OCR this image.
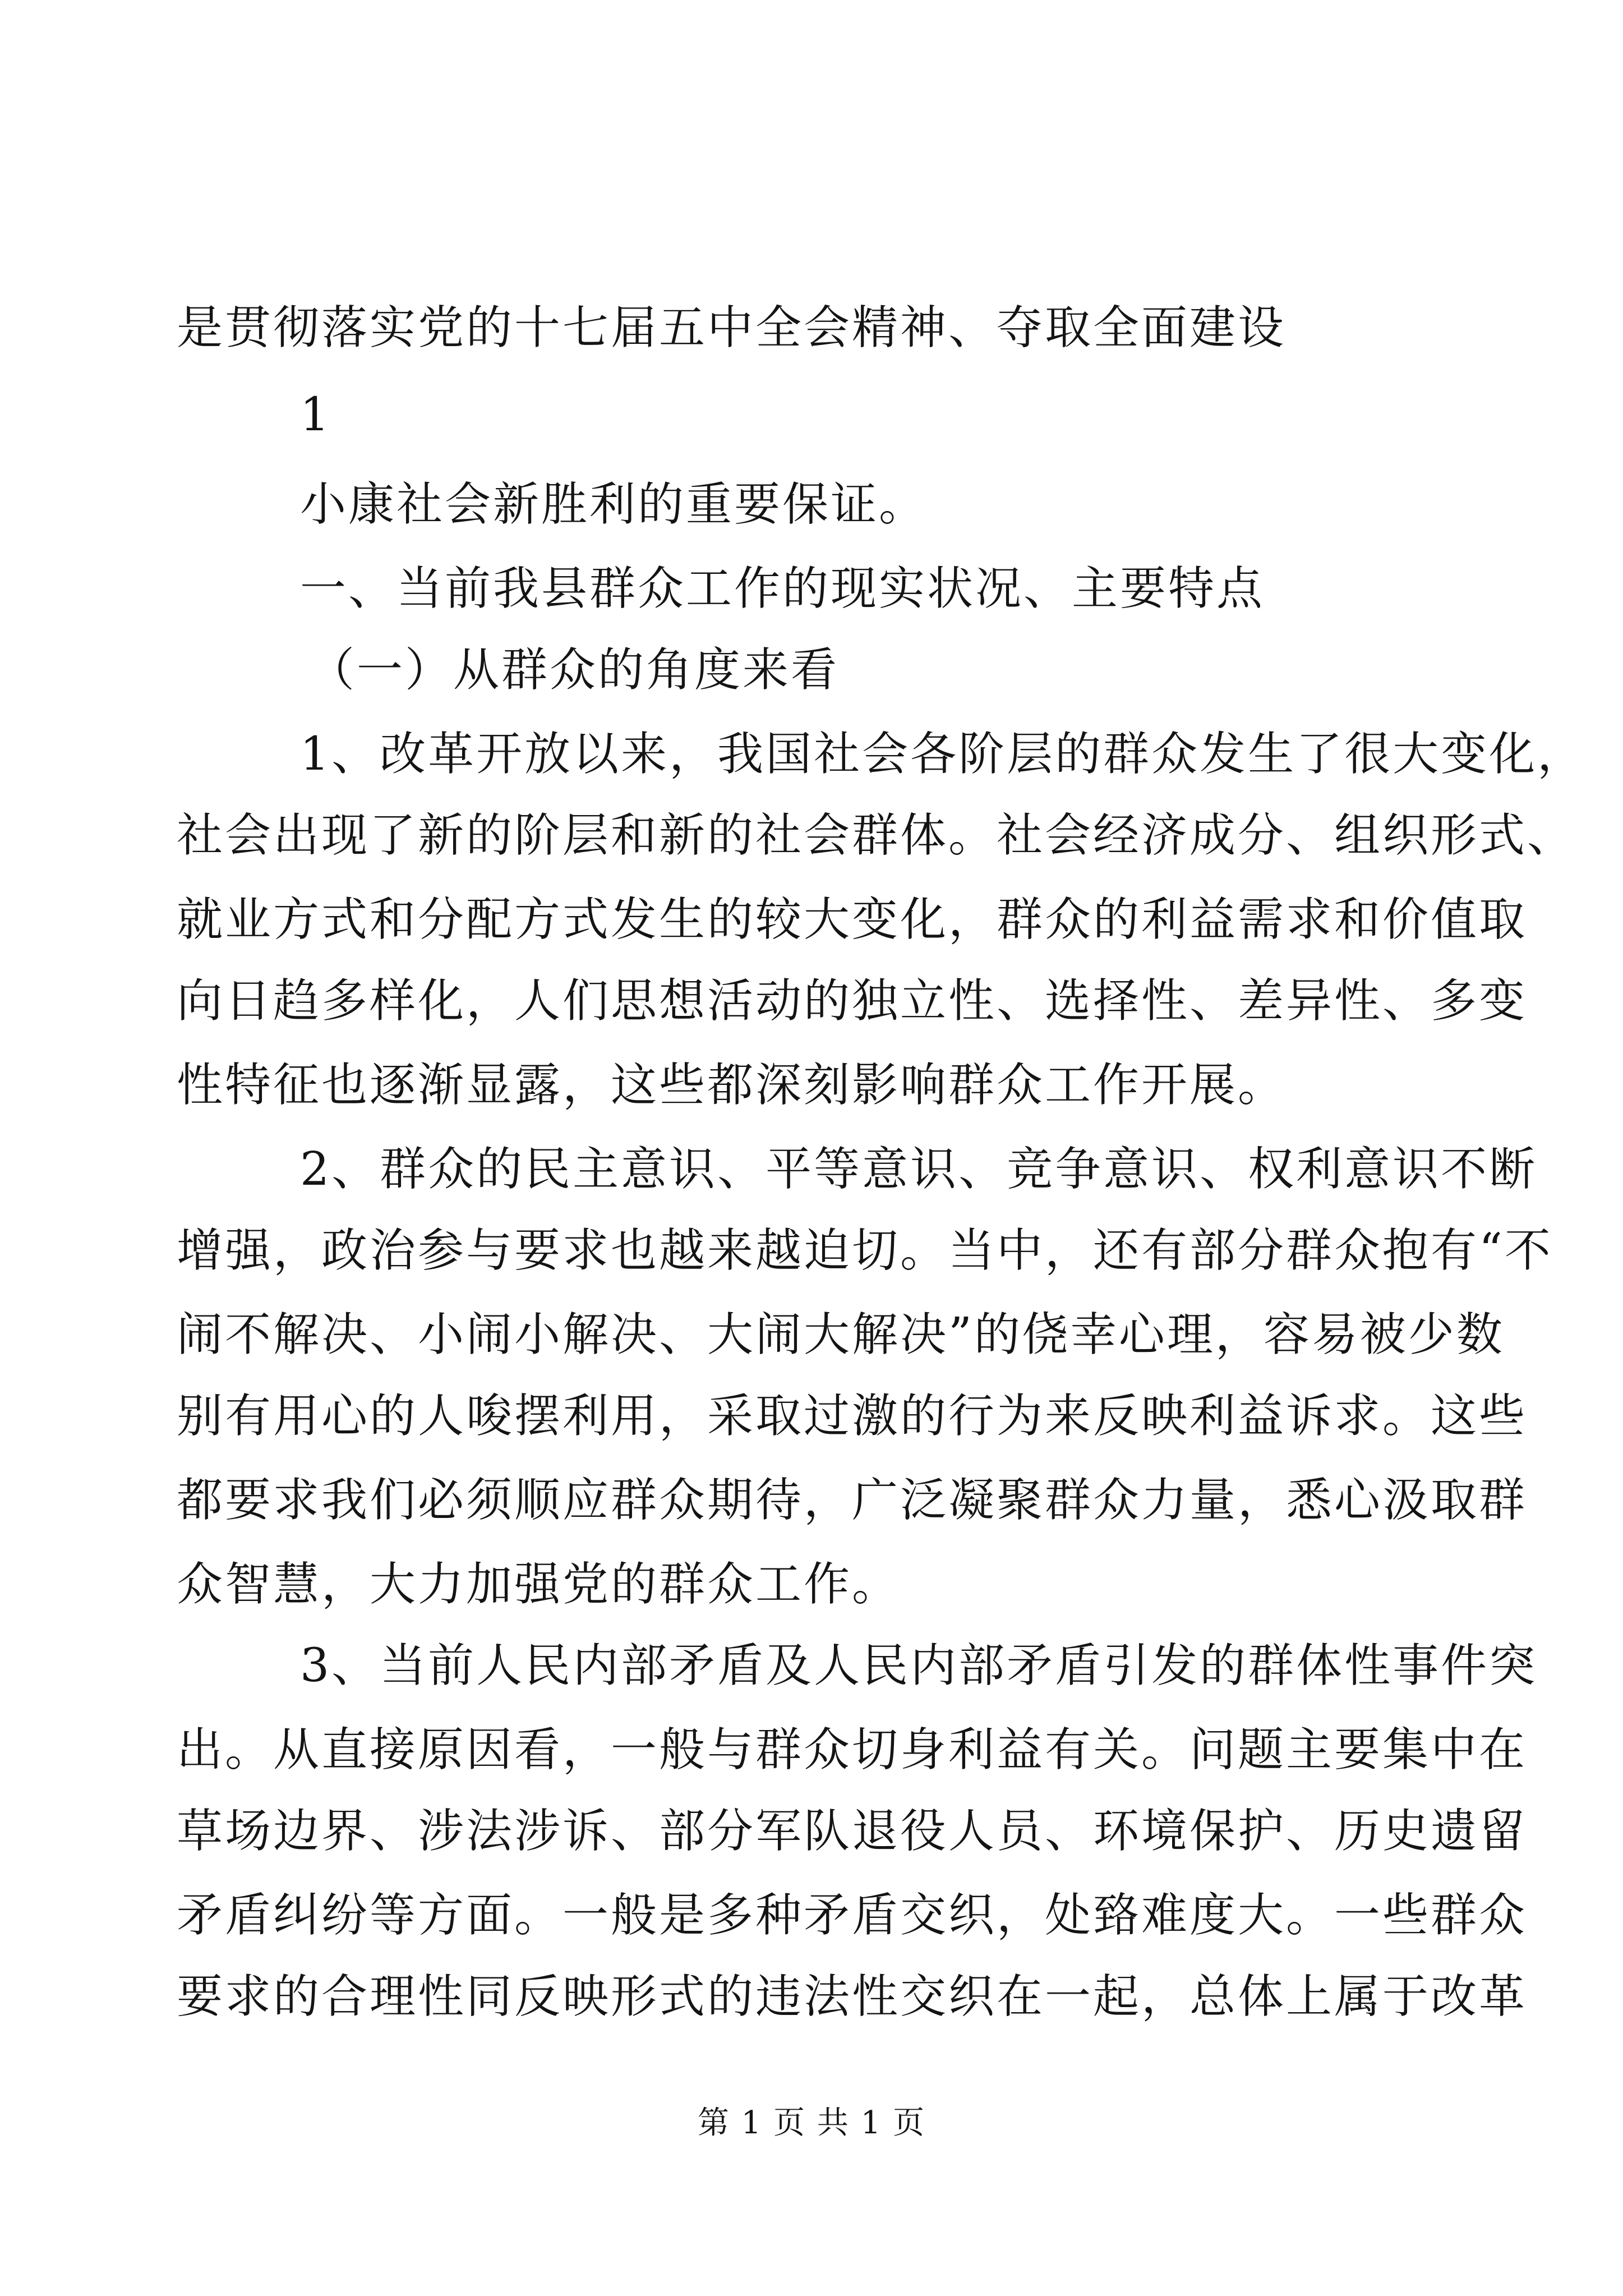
是贯彻落实党的十七届五中全会精神、夺取全面建设
1
小康社会新胜利的重要保证。
一、当前我县群众工作的现实状况、主要特点
（一）从群众的角度来看
1、改革开放以来，我国社会各阶层的群众发生了很大变化，
社会出现了新的阶层和新的社会群体。社会经济成分、组织形式、
就业方式和分配方式发生的较大变化，群众的利益需求和价值取
向日趋多样化，人们思想活动的独立性、选择性、差异性、多变
性特征也逐渐显露，这些都深刻影响群众工作开展。
2、群众的民主意识、平等意识、竞争意识、权利意识不断
增强，政治参与要求也越来越迫切。当中，还有部分群众抱有“不
闹不解决、小闹小解决、大闹大解决”的侥幸心理，容易被少数
别有用心的人唆摆利用，采取过激的行为来反映利益诉求。这些
都要求我们必须顺应群众期待，广泛凝聚群众力量，悉心汲取群
众智慧，大力加强党的群众工作。
3、当前人民内部矛盾及人民内部矛盾引发的群体性事件突
出。从直接原因看，一般与群众切身利益有关。问题主要集中在
草场边界、涉法涉诉、部分军队退役人员、环境保护、历史遗留
矛盾纠纷等方面。一般是多种矛盾交织，处臵难度大。一些群众
要求的合理性同反映形式的违法性交织在一起，总体上属于改革
第 1 页 共 1 页
